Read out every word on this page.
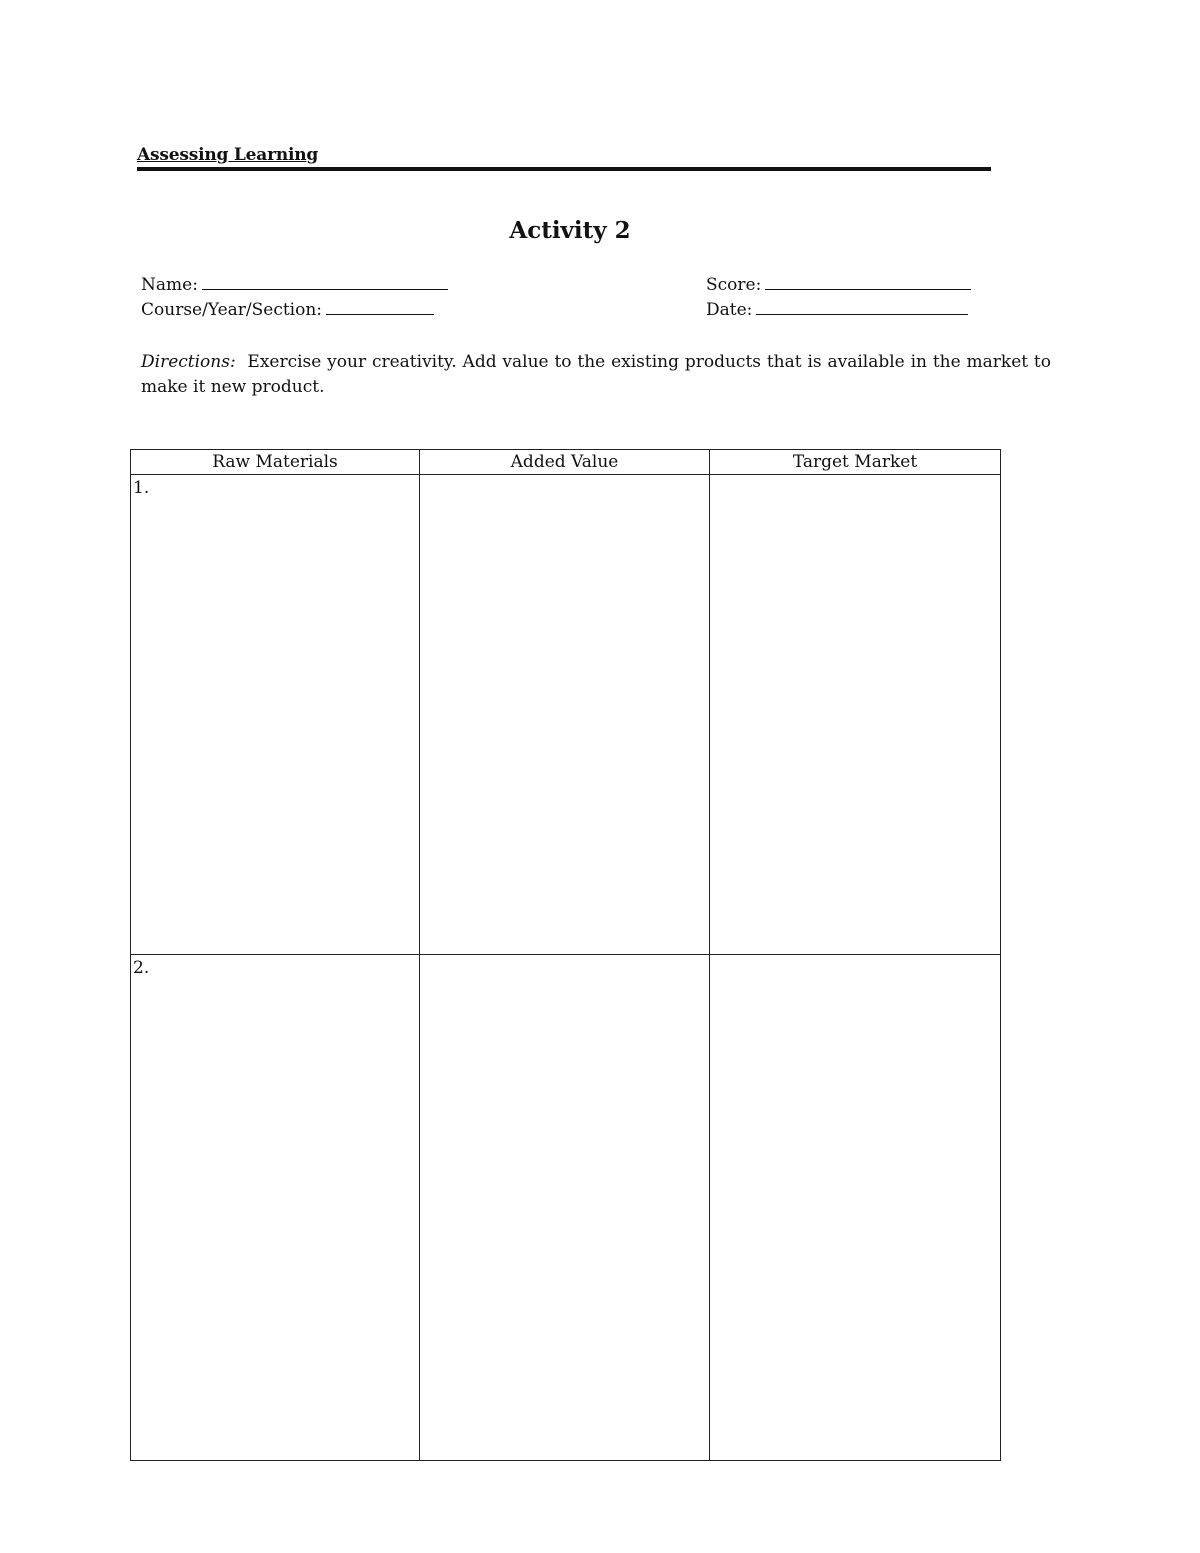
Assessing Learning
Activity 2
Name:
Course/Year/Section:
Score:
Date:
Directions: Exercise your creativity. Add value to the existing products that is available in the market to make it new product.
Raw Materials	Added Value	Target Market
1.		
2.		
